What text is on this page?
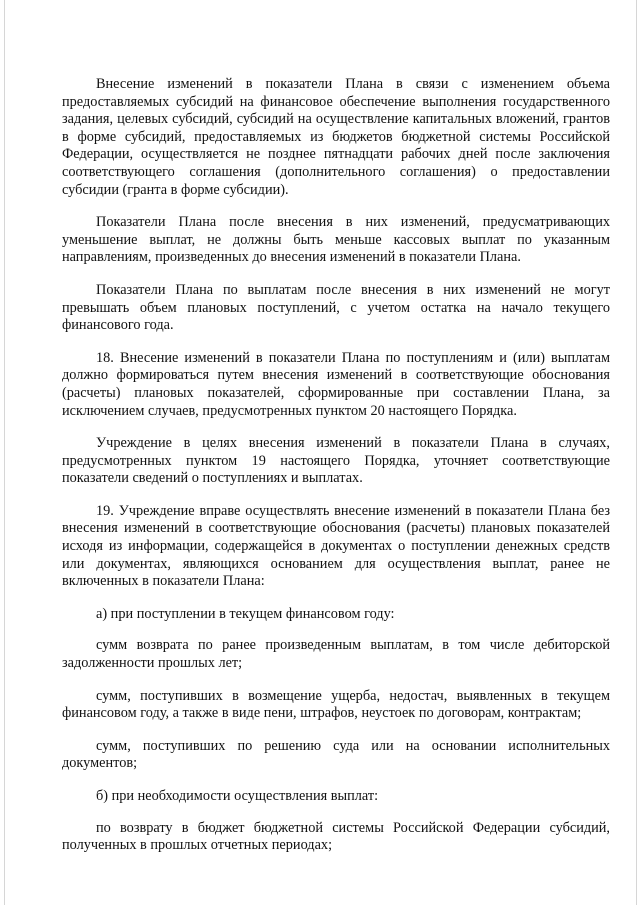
Внесение изменений в показатели Плана в связи с изменением объема предоставляемых субсидий на финансовое обеспечение выполнения государственного задания, целевых субсидий, субсидий на осуществление капитальных вложений, грантов в форме субсидий, предоставляемых из бюджетов бюджетной системы Российской Федерации, осуществляется не позднее пятнадцати рабочих дней после заключения соответствующего соглашения (дополнительного соглашения) о предоставлении субсидии (гранта в форме субсидии).

Показатели Плана после внесения в них изменений, предусматривающих уменьшение выплат, не должны быть меньше кассовых выплат по указанным направлениям, произведенных до внесения изменений в показатели Плана.

Показатели Плана по выплатам после внесения в них изменений не могут превышать объем плановых поступлений, с учетом остатка на начало текущего финансового года.

18. Внесение изменений в показатели Плана по поступлениям и (или) выплатам должно формироваться путем внесения изменений в соответствующие обоснования (расчеты) плановых показателей, сформированные при составлении Плана, за исключением случаев, предусмотренных пунктом 20 настоящего Порядка.

Учреждение в целях внесения изменений в показатели Плана в случаях, предусмотренных пунктом 19 настоящего Порядка, уточняет соответствующие показатели сведений о поступлениях и выплатах.

19. Учреждение вправе осуществлять внесение изменений в показатели Плана без внесения изменений в соответствующие обоснования (расчеты) плановых показателей исходя из информации, содержащейся в документах о поступлении денежных средств или документах, являющихся основанием для осуществления выплат, ранее не включенных в показатели Плана:

а) при поступлении в текущем финансовом году:

сумм возврата по ранее произведенным выплатам, в том числе дебиторской задолженности прошлых лет;

сумм, поступивших в возмещение ущерба, недостач, выявленных в текущем финансовом году, а также в виде пени, штрафов, неустоек по договорам, контрактам;

сумм, поступивших по решению суда или на основании исполнительных документов;

б) при необходимости осуществления выплат:

по возврату в бюджет бюджетной системы Российской Федерации субсидий, полученных в прошлых отчетных периодах;
